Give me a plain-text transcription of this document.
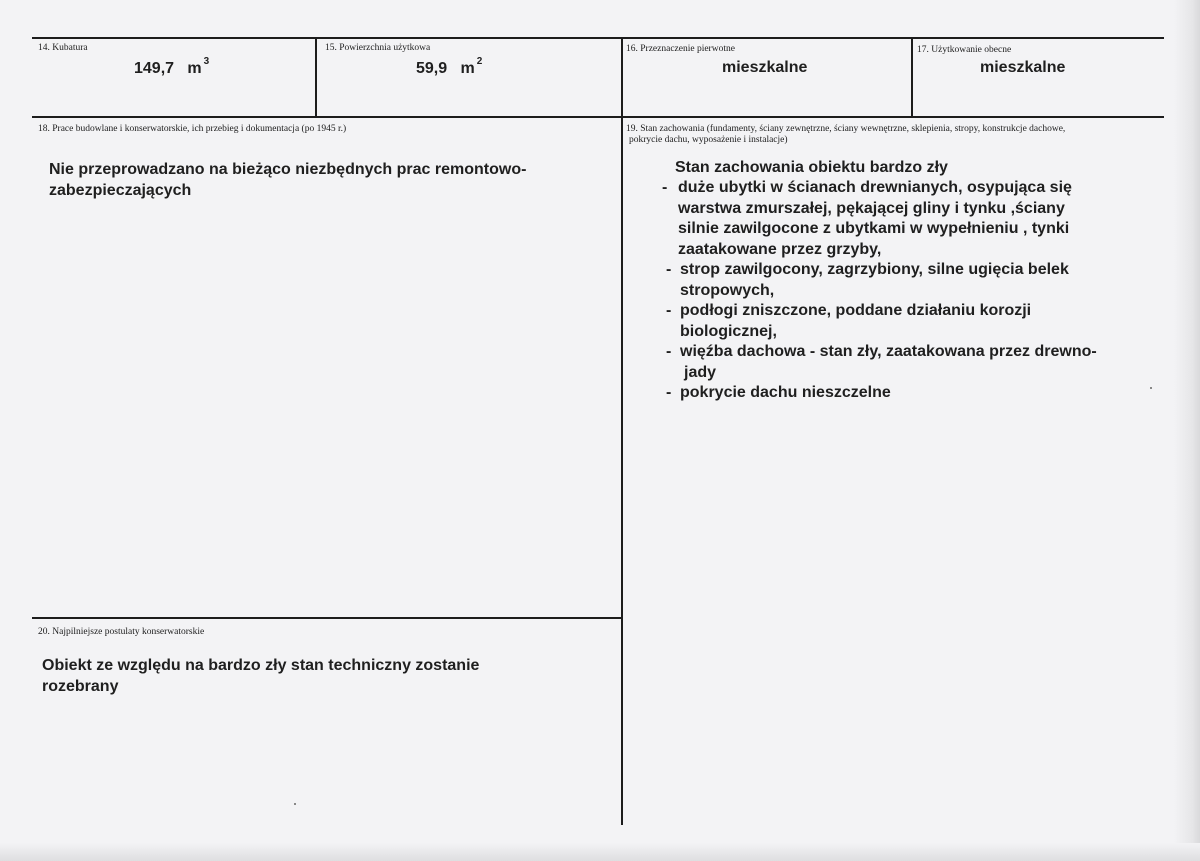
14. Kubatura
149,7 m $^3$
15. Powierzchnia użytkowa
59,9 m $^2$
16. Przeznaczenie pierwotne
mieszkalne
17. Użytkowanie obecne
mieszkalne
18. Prace budowlane i konserwatorskie, ich przebieg i dokumentacja (po 1945 r.)
Nie przeprowadzano na bieżąco niezbędnych prac remontowo-
zabezpieczających
19. Stan zachowania (fundamenty, ściany zewnętrzne, ściany wewnętrzne, sklepienia, stropy, konstrukcje dachowe,
pokrycie dachu, wyposażenie i instalacje)
Stan zachowania obiektu bardzo zły
- duże ubytki w ścianach drewnianych, osypująca się
warstwa zmurszałej, pękającej gliny i tynku ,ściany
silnie zawilgocone z ubytkami w wypełnieniu , tynki
zaatakowane przez grzyby,
- strop zawilgocony, zagrzybiony, silne ugięcia belek
stropowych,
- podłogi zniszczone, poddane działaniu korozji
biologicznej,
- więźba dachowa - stan zły, zaatakowana przez drewno-
jady
- pokrycie dachu nieszczelne
20. Najpilniejsze postulaty konserwatorskie
Obiekt ze względu na bardzo zły stan techniczny zostanie
rozebrany
